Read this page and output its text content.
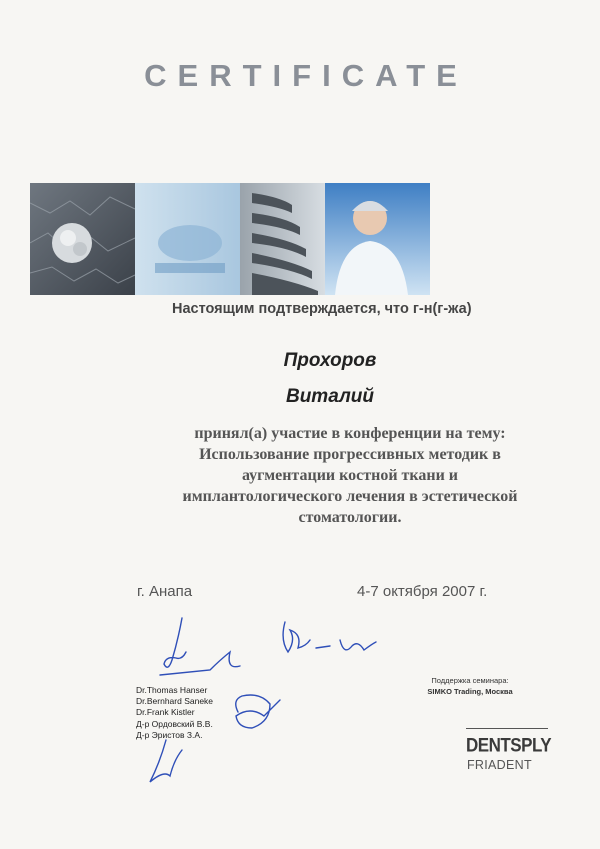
CERTIFICATE
Настоящим подтверждается, что г-н(г-жа)
Прохоров
Виталий
принял(а) участие в конференции на тему:
Использование прогрессивных методик в
аугментации костной ткани и
имплантологического лечения в эстетической
стоматологии.
г. Анапа	4-7 октября 2007 г.
Dr.Thomas Hanser
Dr.Bernhard Saneke
Dr.Frank Kistler
Д-р Ордовский В.В.
Д-р Эристов З.А.
Поддержка семинара:
SIMKO Trading, Москва
DENTSPLY
FRIADENT
